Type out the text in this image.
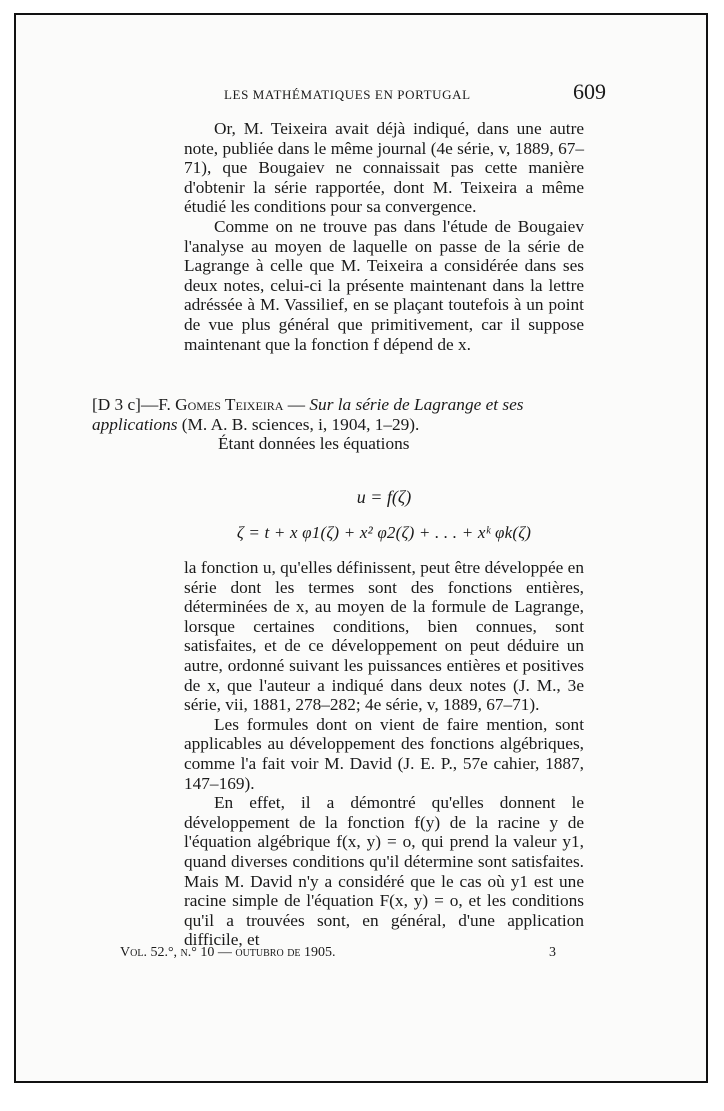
LES MATHÉMATIQUES EN PORTUGAL	609

Or, M. Teixeira avait déjà indiqué, dans une autre note, publiée dans le même journal (4e série, v, 1889, 67–71), que Bougaiev ne connaissait pas cette manière d'obtenir la série rapportée, dont M. Teixeira a même étudié les conditions pour sa convergence.

Comme on ne trouve pas dans l'étude de Bougaiev l'analyse au moyen de laquelle on passe de la série de Lagrange à celle que M. Teixeira a considérée dans ses deux notes, celui-ci la présente maintenant dans la lettre adréssée à M. Vassilief, en se plaçant toutefois à un point de vue plus général que primitivement, car il suppose maintenant que la fonction f dépend de x.

[D 3 c]—F. Gomes Teixeira — Sur la série de Lagrange et ses applications (M. A. B. sciences, i, 1904, 1–29).
Étant données les équations
u = f(ζ)
ζ = t + x φ1(ζ) + x² φ2(ζ) + . . . + xᵏ φk(ζ)

la fonction u, qu'elles définissent, peut être développée en série dont les termes sont des fonctions entières, déterminées de x, au moyen de la formule de Lagrange, lorsque certaines conditions, bien connues, sont satisfaites, et de ce développement on peut déduire un autre, ordonné suivant les puissances entières et positives de x, que l'auteur a indiqué dans deux notes (J. M., 3e série, vii, 1881, 278–282; 4e série, v, 1889, 67–71).

Les formules dont on vient de faire mention, sont applicables au développement des fonctions algébriques, comme l'a fait voir M. David (J. E. P., 57e cahier, 1887, 147–169).

En effet, il a démontré qu'elles donnent le développement de la fonction f(y) de la racine y de l'équation algébrique f(x, y) = o, qui prend la valeur y1, quand diverses conditions qu'il détermine sont satisfaites. Mais M. David n'y a considéré que le cas où y1 est une racine simple de l'équation F(x, y) = o, et les conditions qu'il a trouvées sont, en général, d'une application difficile, et

Vol. 52.°, n.° 10 — outubro de 1905.	3
